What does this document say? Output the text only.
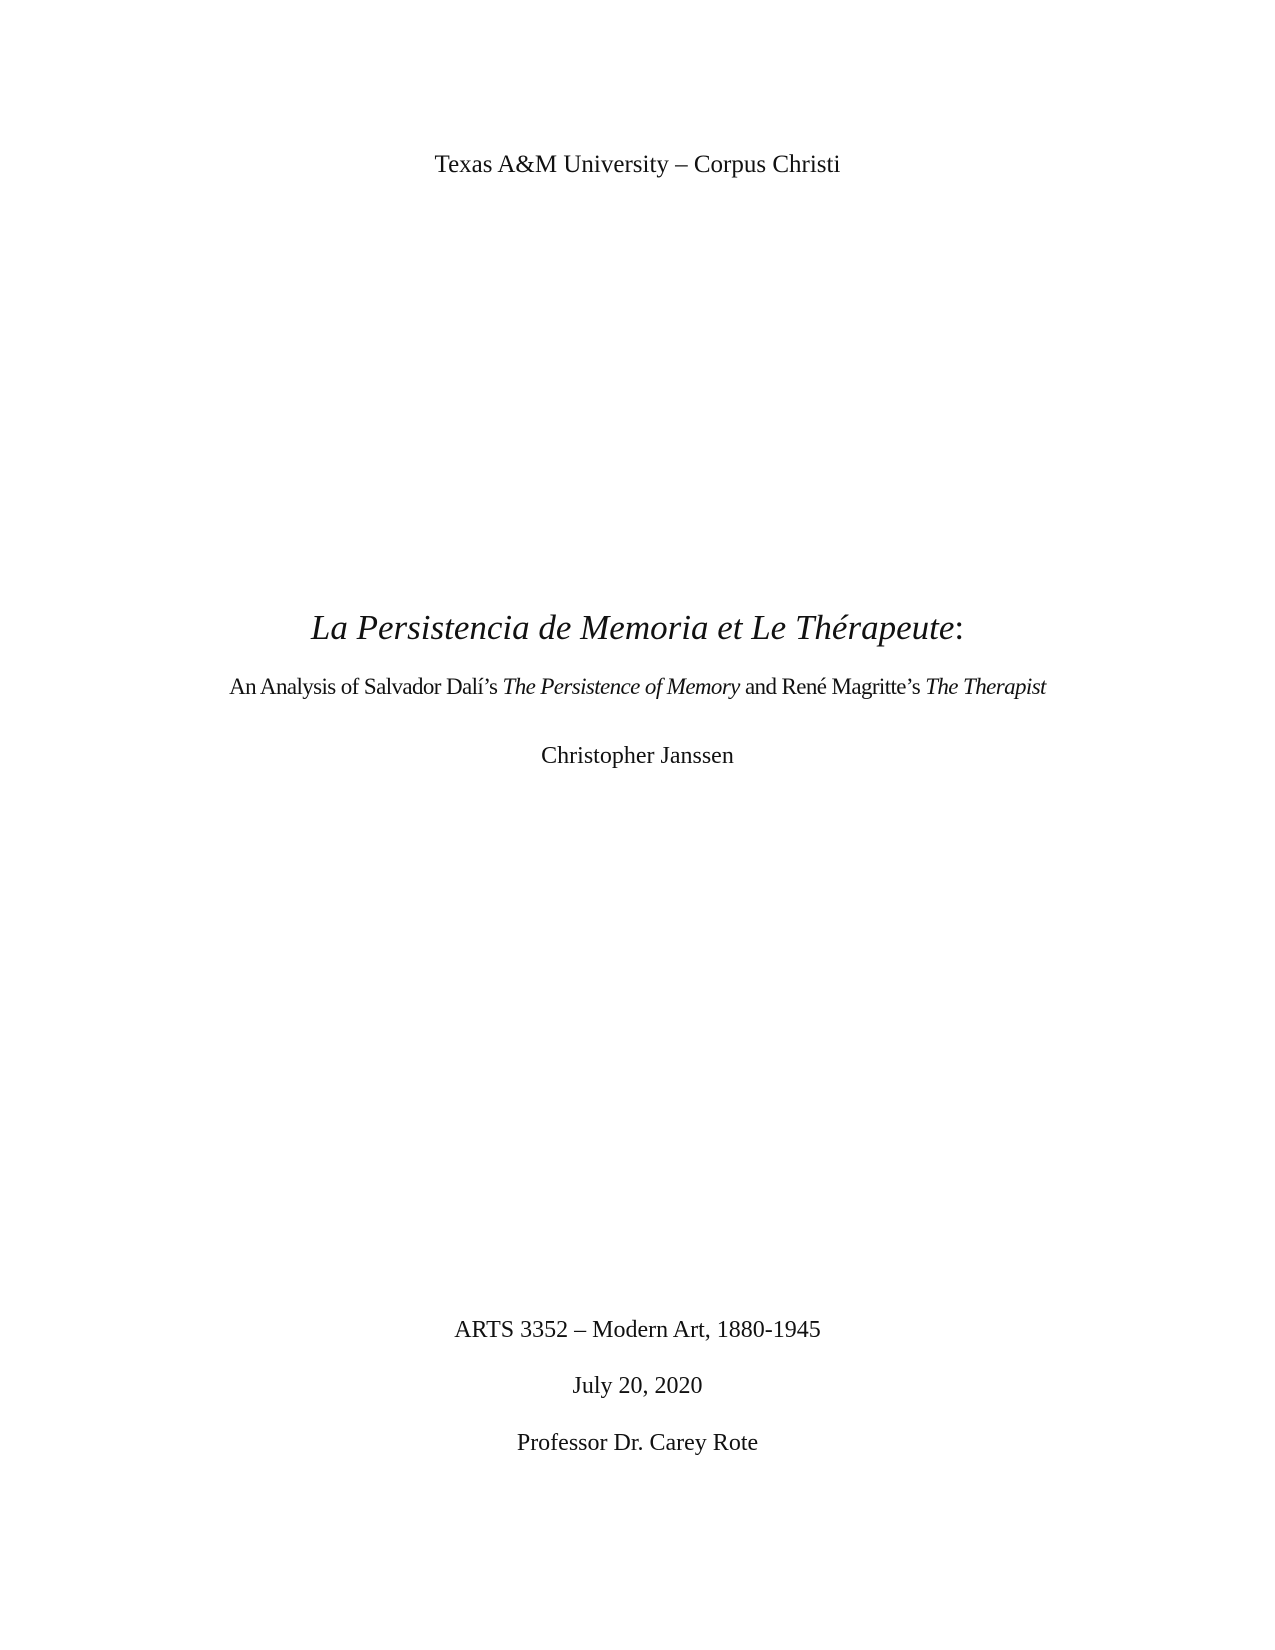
Texas A&M University – Corpus Christi
La Persistencia de Memoria et Le Thérapeute:
An Analysis of Salvador Dalí’s The Persistence of Memory and René Magritte’s The Therapist
Christopher Janssen
ARTS 3352 – Modern Art, 1880-1945
July 20, 2020
Professor Dr. Carey Rote
